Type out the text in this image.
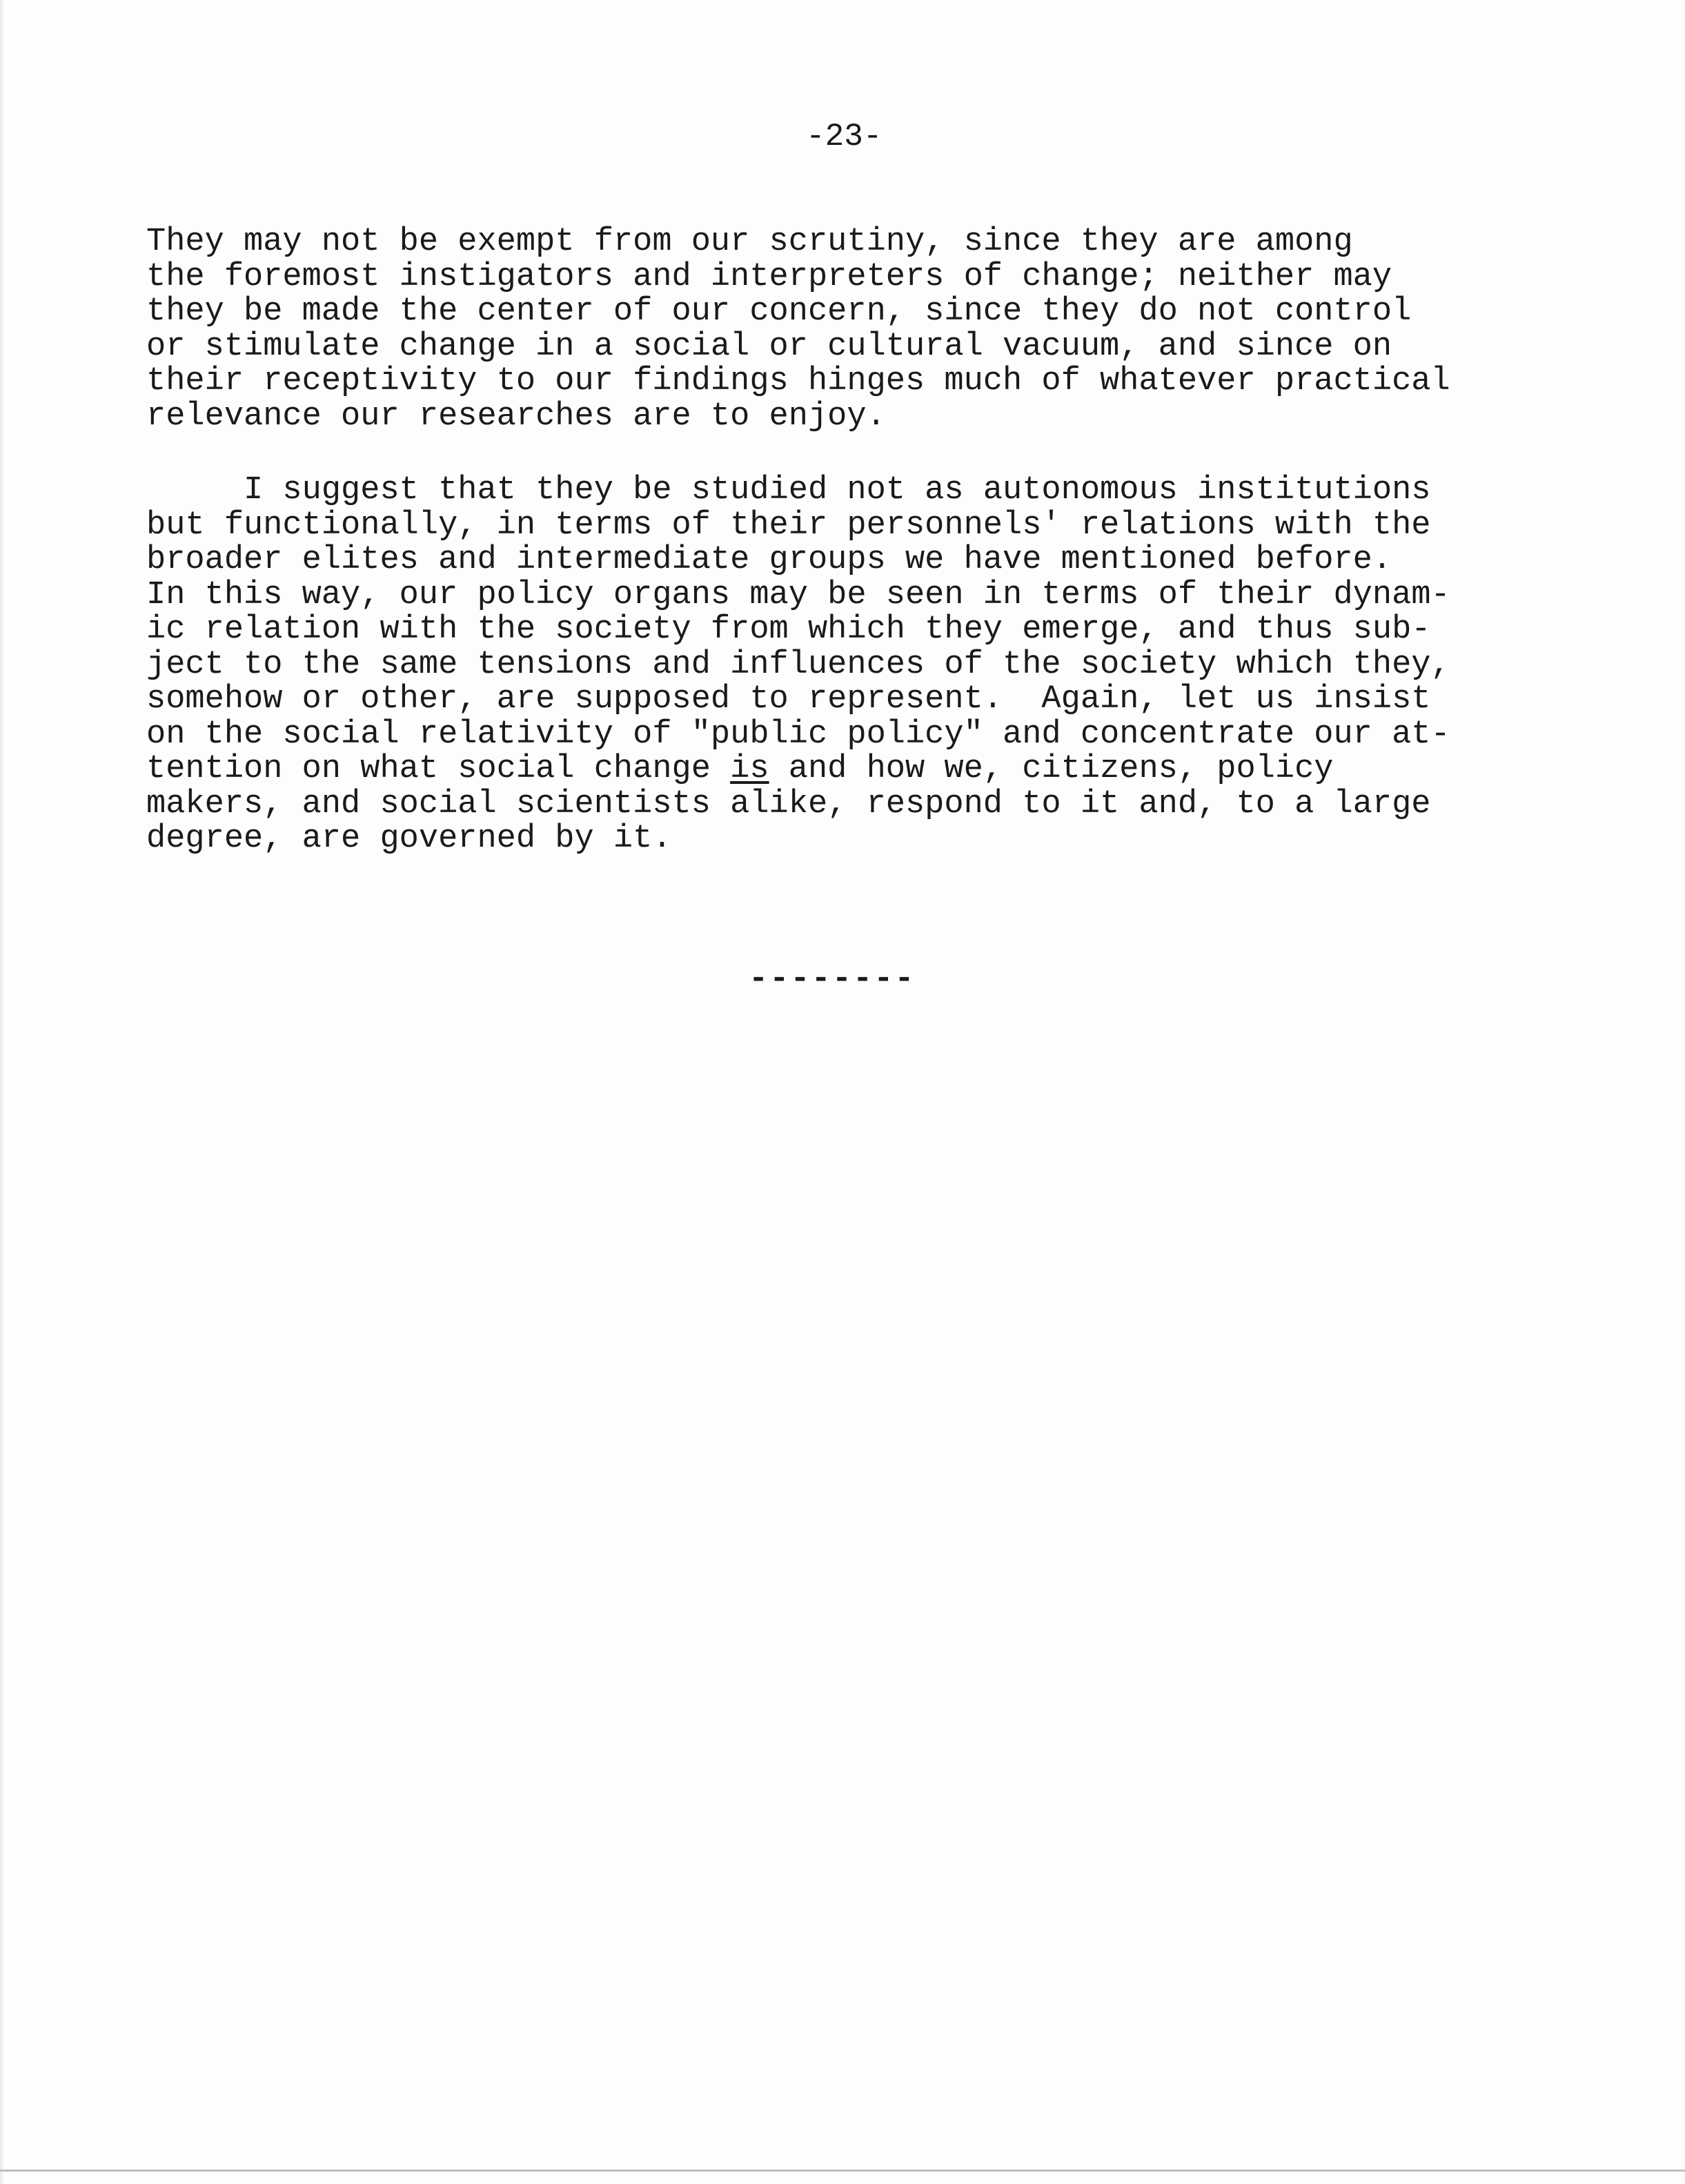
-23-
They may not be exempt from our scrutiny, since they are among
the foremost instigators and interpreters of change; neither may
they be made the center of our concern, since they do not control
or stimulate change in a social or cultural vacuum, and since on
their receptivity to our findings hinges much of whatever practical
relevance our researches are to enjoy.
I suggest that they be studied not as autonomous institutions
but functionally, in terms of their personnels' relations with the
broader elites and intermediate groups we have mentioned before.
In this way, our policy organs may be seen in terms of their dynam-
ic relation with the society from which they emerge, and thus sub-
ject to the same tensions and influences of the society which they,
somehow or other, are supposed to represent.  Again, let us insist
on the social relativity of "public policy" and concentrate our at-
tention on what social change is and how we, citizens, policy
makers, and social scientists alike, respond to it and, to a large
degree, are governed by it.
--------
